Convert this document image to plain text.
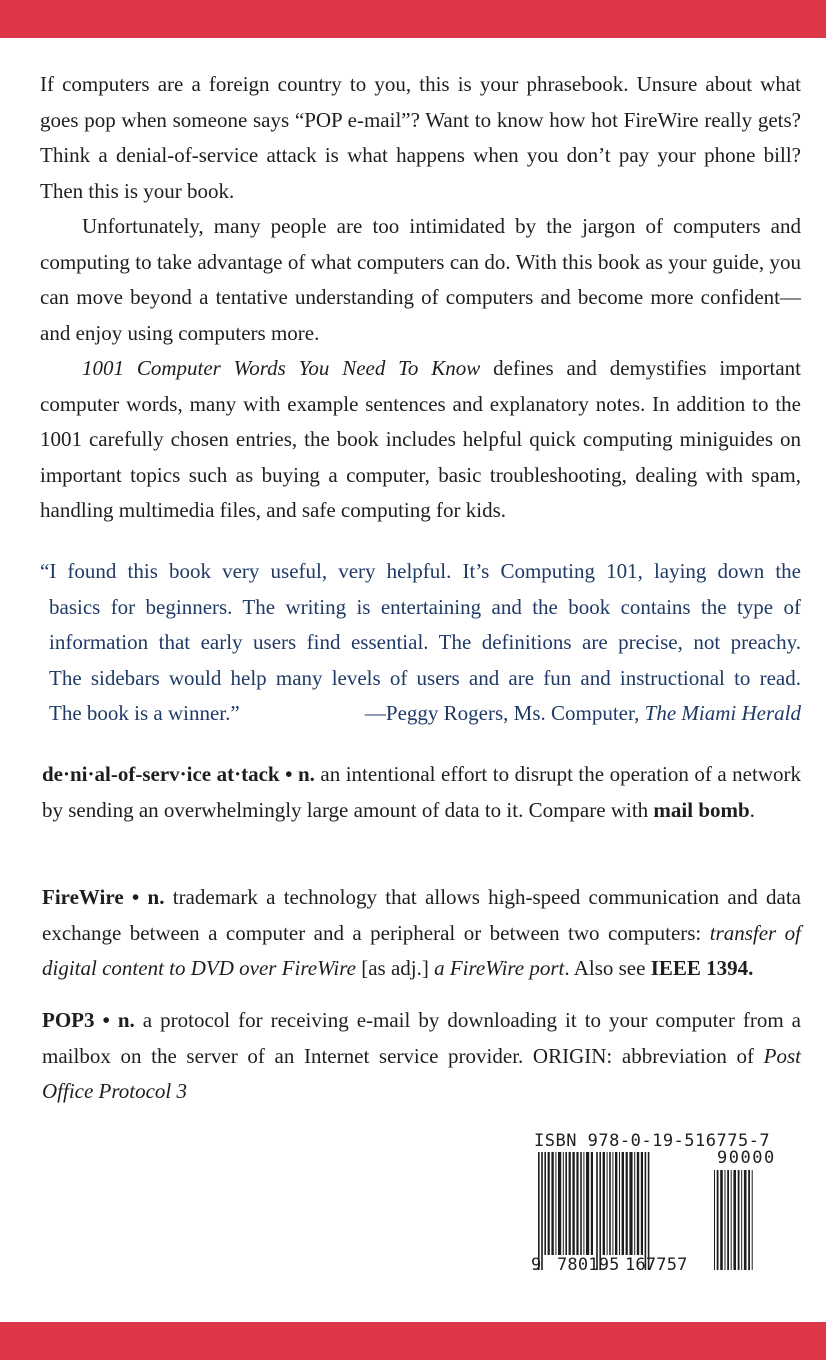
If computers are a foreign country to you, this is your phrasebook. Unsure about what goes pop when someone says “POP e-mail”? Want to know how hot FireWire really gets? Think a denial-of-service attack is what happens when you don’t pay your phone bill? Then this is your book.

Unfortunately, many people are too intimidated by the jargon of computers and computing to take advantage of what computers can do. With this book as your guide, you can move beyond a tentative understanding of computers and become more confident—and enjoy using computers more.

1001 Computer Words You Need To Know defines and demystifies important computer words, many with example sentences and explanatory notes. In addition to the 1001 carefully chosen entries, the book includes helpful quick computing miniguides on important topics such as buying a computer, basic troubleshooting, dealing with spam, handling multimedia files, and safe computing for kids.

“I found this book very useful, very helpful. It’s Computing 101, laying down the
basics for beginners. The writing is entertaining and the book contains the type of
information that early users find essential. The definitions are precise, not preachy.
The sidebars would help many levels of users and are fun and instructional to read.
The book is a winner.”	—Peggy Rogers, Ms. Computer, The Miami Herald

de·ni·al-of-serv·ice at·tack • n. an intentional effort to disrupt the operation of a network by sending an overwhelmingly large amount of data to it. Compare with mail bomb.

FireWire • n. trademark a technology that allows high-speed communication and data exchange between a computer and a peripheral or between two computers: transfer of digital content to DVD over FireWire [as adj.] a FireWire port. Also see IEEE 1394.

POP3 • n. a protocol for receiving e-mail by downloading it to your computer from a mailbox on the server of an Internet service provider. ORIGIN: abbreviation of Post Office Protocol 3

ISBN 978-0-19-516775-7
90000
9 780195 167757
